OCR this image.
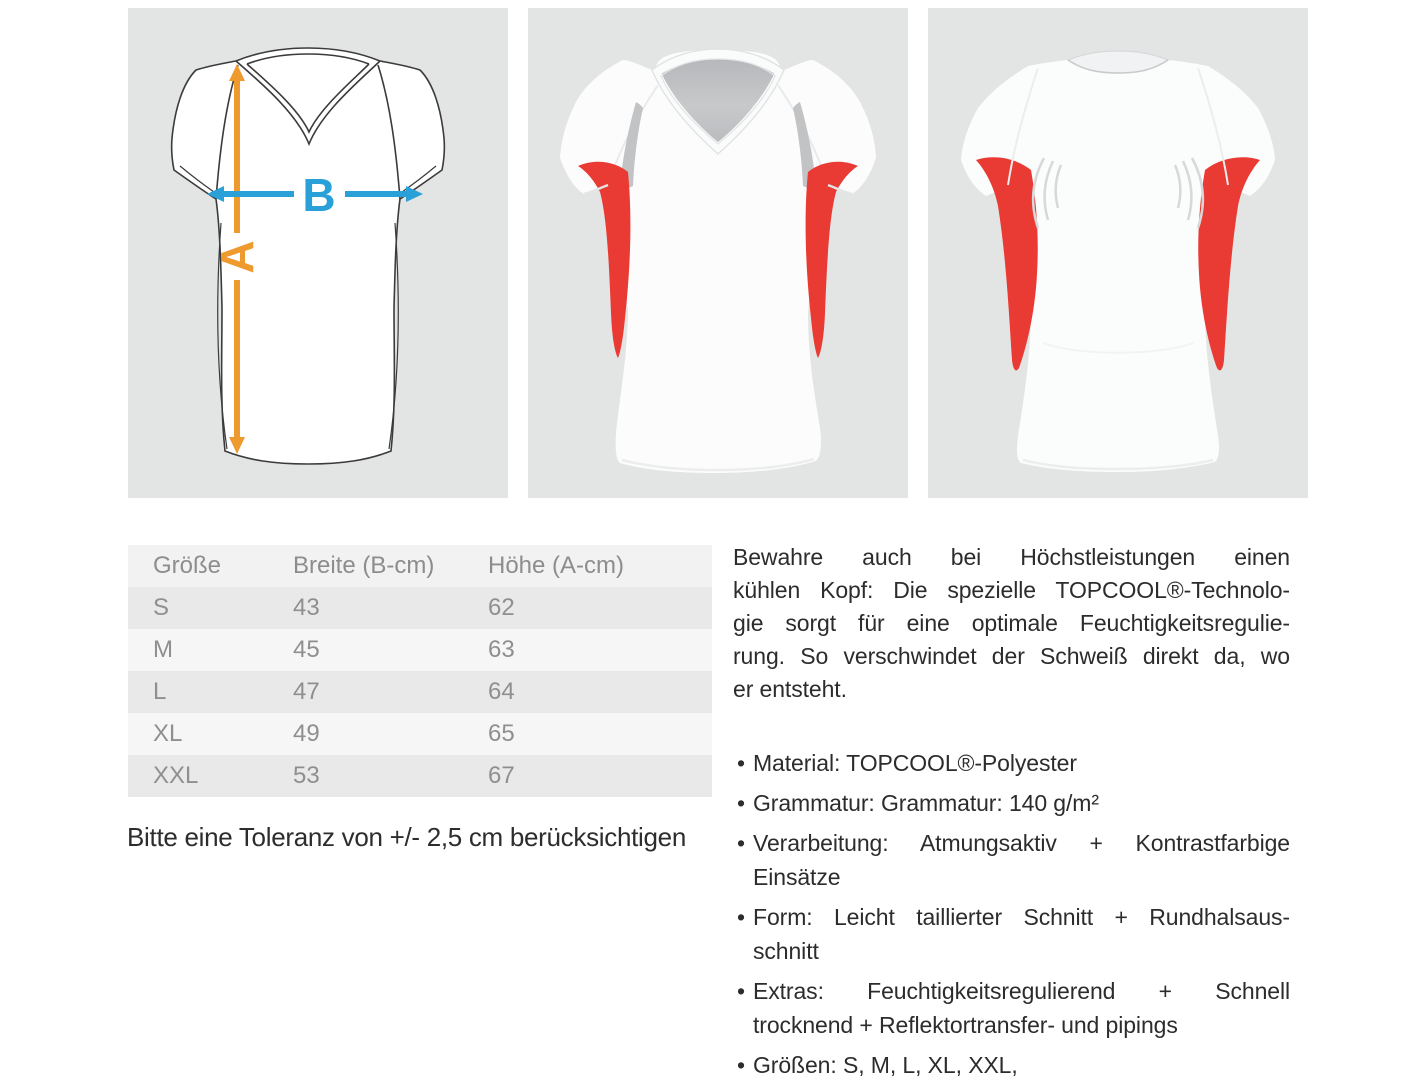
A
B
Größe	Breite (B-cm)	Höhe (A-cm)
S	43	62
M	45	63
L	47	64
XL	49	65
XXL	53	67
Bitte eine Toleranz von +/- 2,5 cm berücksichtigen
Bewahre auch bei Höchstleistungen einen
kühlen Kopf: Die spezielle TOPCOOL®-Technolo-
gie sorgt für eine optimale Feuchtigkeitsregulie-
rung. So verschwindet der Schweiß direkt da, wo
er entsteht.
• Material: TOPCOOL®-Polyester
• Grammatur: Grammatur: 140 g/m²
• Verarbeitung: Atmungsaktiv + Kontrastfarbige
Einsätze
• Form: Leicht taillierter Schnitt + Rundhalsaus-
schnitt
• Extras: Feuchtigkeitsregulierend + Schnell
trocknend + Reflektortransfer- und pipings
• Größen: S, M, L, XL, XXL,
